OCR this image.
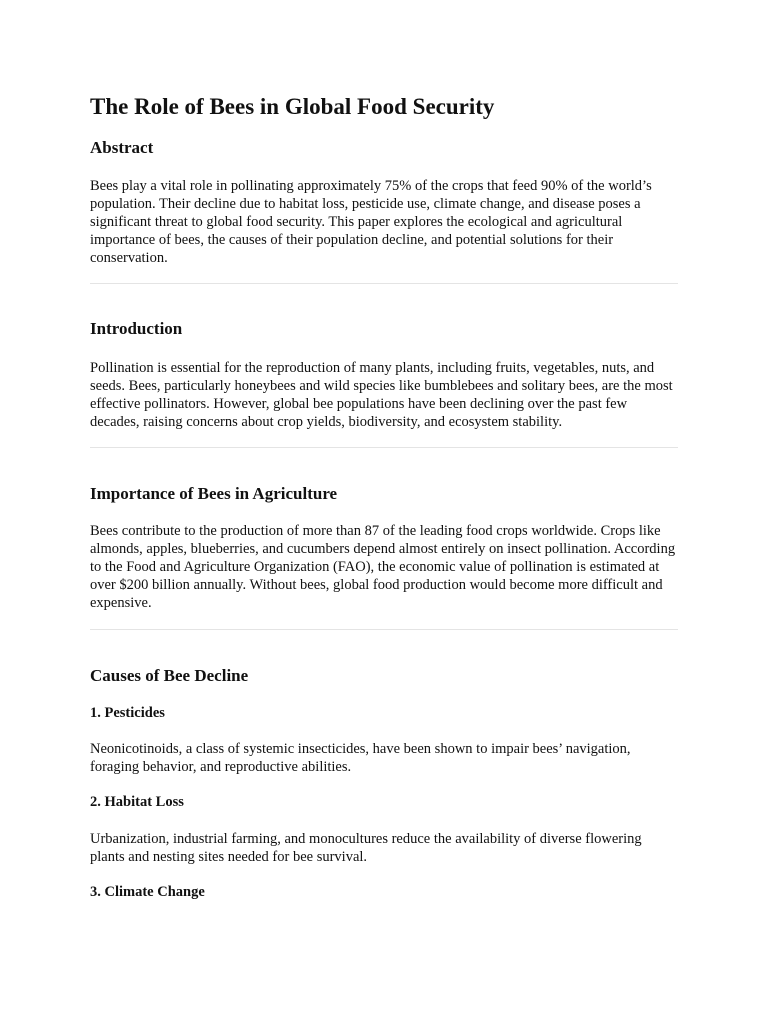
The Role of Bees in Global Food Security
Abstract

Bees play a vital role in pollinating approximately 75% of the crops that feed 90% of the world’s population. Their decline due to habitat loss, pesticide use, climate change, and disease poses a significant threat to global food security. This paper explores the ecological and agricultural importance of bees, the causes of their population decline, and potential solutions for their conservation.

Introduction

Pollination is essential for the reproduction of many plants, including fruits, vegetables, nuts, and seeds. Bees, particularly honeybees and wild species like bumblebees and solitary bees, are the most effective pollinators. However, global bee populations have been declining over the past few decades, raising concerns about crop yields, biodiversity, and ecosystem stability.

Importance of Bees in Agriculture

Bees contribute to the production of more than 87 of the leading food crops worldwide. Crops like almonds, apples, blueberries, and cucumbers depend almost entirely on insect pollination. According to the Food and Agriculture Organization (FAO), the economic value of pollination is estimated at over $200 billion annually. Without bees, global food production would become more difficult and expensive.

Causes of Bee Decline
1. Pesticides

Neonicotinoids, a class of systemic insecticides, have been shown to impair bees’ navigation, foraging behavior, and reproductive abilities.

2. Habitat Loss

Urbanization, industrial farming, and monocultures reduce the availability of diverse flowering plants and nesting sites needed for bee survival.

3. Climate Change
